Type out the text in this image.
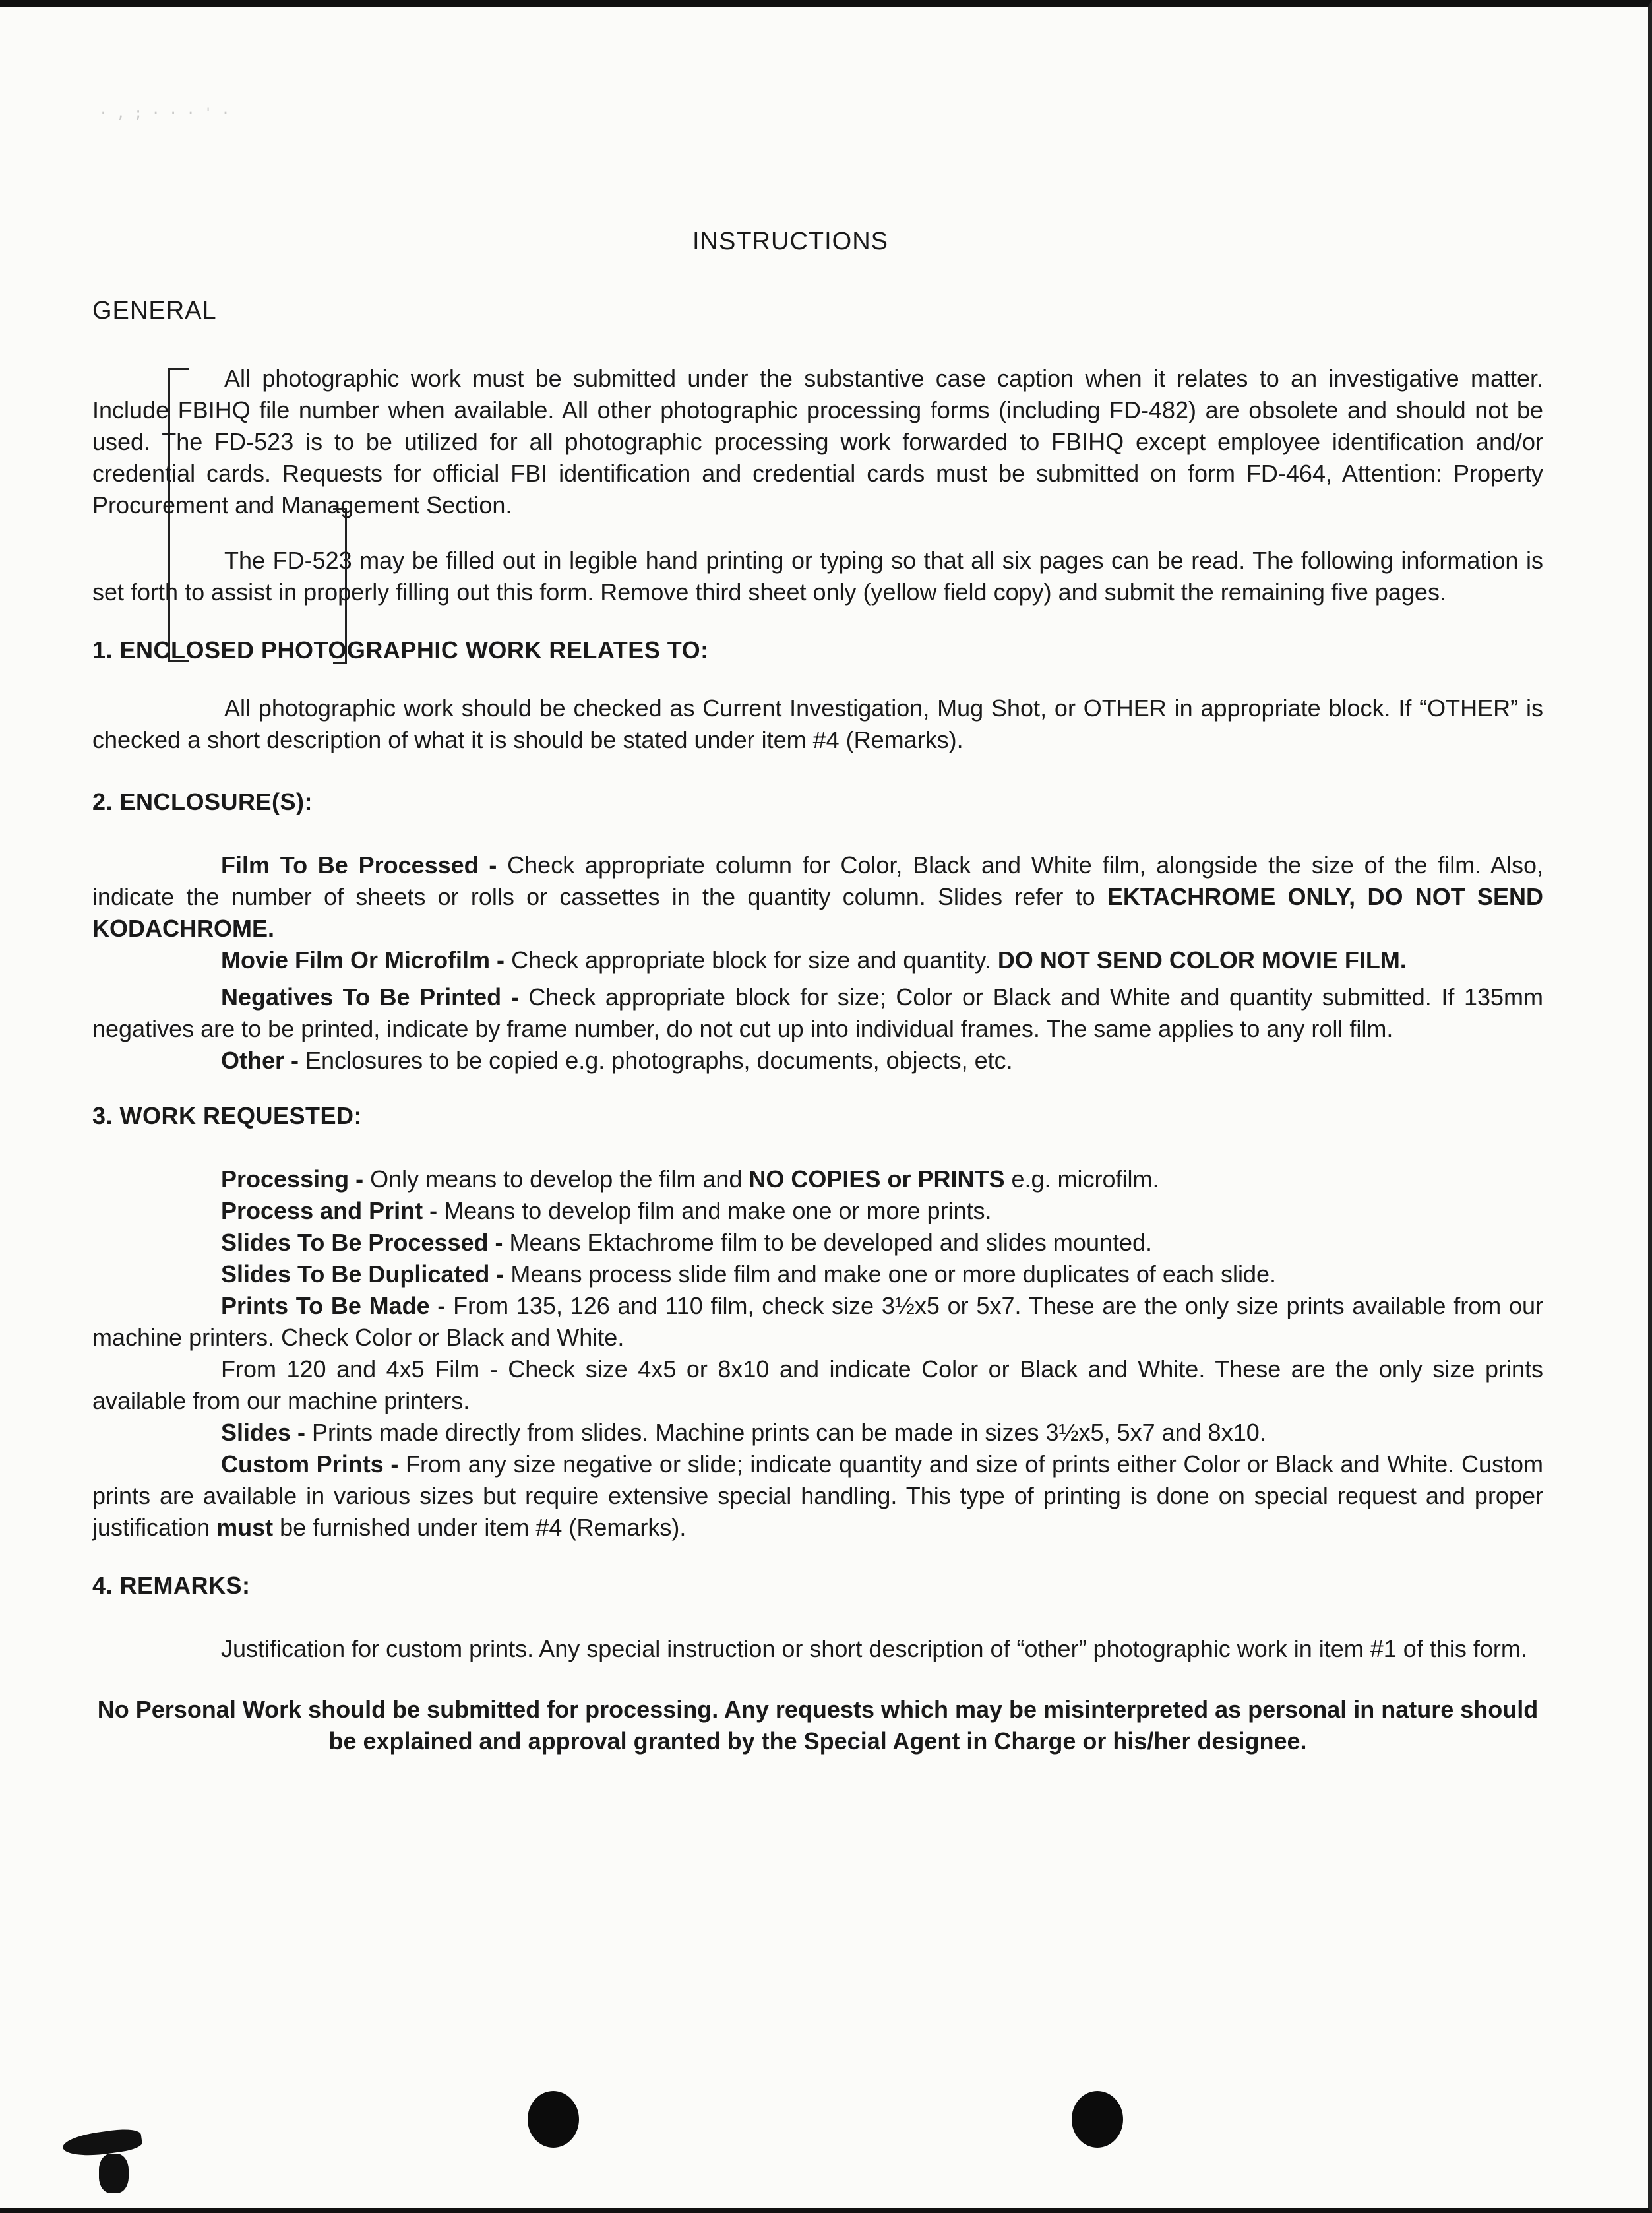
INSTRUCTIONS
GENERAL

All photographic work must be submitted under the substantive case caption when it relates to an investigative matter. Include FBIHQ file number when available. All other photographic processing forms (including FD-482) are obsolete and should not be used. The FD-523 is to be utilized for all photographic processing work forwarded to FBIHQ except employee identification and/or credential cards. Requests for official FBI identification and credential cards must be submitted on form FD-464, Attention: Property Procurement and Management Section.

The FD-523 may be filled out in legible hand printing or typing so that all six pages can be read. The following information is set forth to assist in properly filling out this form. Remove third sheet only (yellow field copy) and submit the remaining five pages.

1. ENCLOSED PHOTOGRAPHIC WORK RELATES TO:

All photographic work should be checked as Current Investigation, Mug Shot, or OTHER in appropriate block. If “OTHER” is checked a short description of what it is should be stated under item #4 (Remarks).

2. ENCLOSURE(S):

Film To Be Processed - Check appropriate column for Color, Black and White film, alongside the size of the film. Also, indicate the number of sheets or rolls or cassettes in the quantity column. Slides refer to EKTACHROME ONLY, DO NOT SEND KODACHROME.

Movie Film Or Microfilm - Check appropriate block for size and quantity. DO NOT SEND COLOR MOVIE FILM.

Negatives To Be Printed - Check appropriate block for size; Color or Black and White and quantity submitted. If 135mm negatives are to be printed, indicate by frame number, do not cut up into individual frames. The same applies to any roll film.

Other - Enclosures to be copied e.g. photographs, documents, objects, etc.

3. WORK REQUESTED:

Processing - Only means to develop the film and NO COPIES or PRINTS e.g. microfilm.

Process and Print - Means to develop film and make one or more prints.

Slides To Be Processed - Means Ektachrome film to be developed and slides mounted.

Slides To Be Duplicated - Means process slide film and make one or more duplicates of each slide.

Prints To Be Made - From 135, 126 and 110 film, check size 3½x5 or 5x7. These are the only size prints available from our machine printers. Check Color or Black and White.

From 120 and 4x5 Film - Check size 4x5 or 8x10 and indicate Color or Black and White. These are the only size prints available from our machine printers.

Slides - Prints made directly from slides. Machine prints can be made in sizes 3½x5, 5x7 and 8x10.

Custom Prints - From any size negative or slide; indicate quantity and size of prints either Color or Black and White. Custom prints are available in various sizes but require extensive special handling. This type of printing is done on special request and proper justification must be furnished under item #4 (Remarks).

4. REMARKS:

Justification for custom prints. Any special instruction or short description of “other” photographic work in item #1 of this form.

No Personal Work should be submitted for processing. Any requests which may be misinterpreted as personal in nature should be explained and approval granted by the Special Agent in Charge or his/her designee.

· , ; · · · ' ·
